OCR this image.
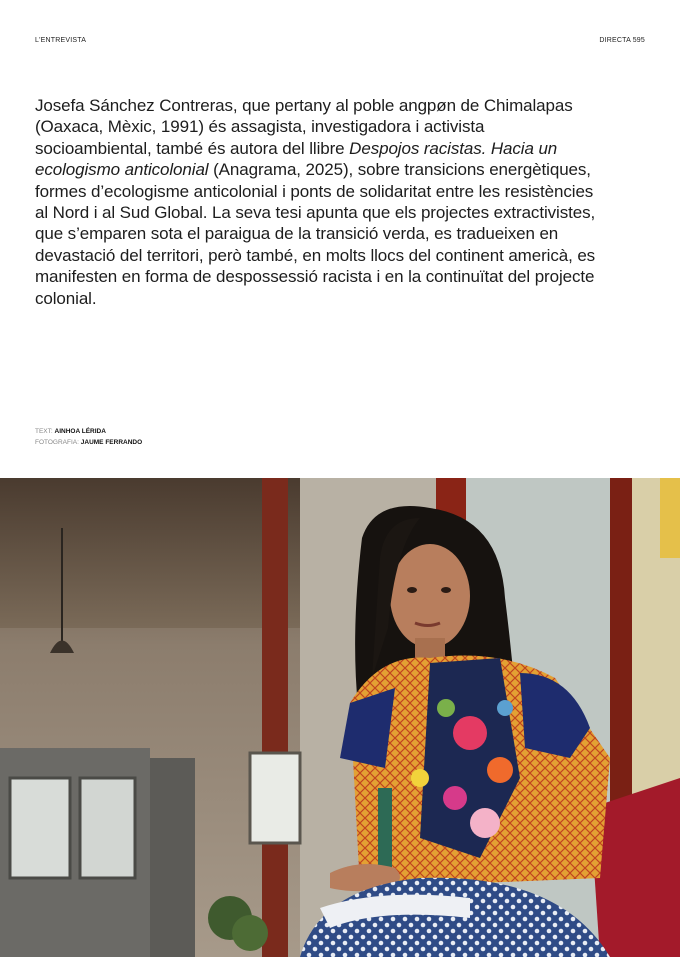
L'ENTREVISTA	DIRECTA 595

Josefa Sánchez Contreras, que pertany al poble angpøn de Chimalapas (Oaxaca, Mèxic, 1991) és assagista, investigadora i activista socioambiental, també és autora del llibre Despojos racistas. Hacia un ecologismo anticolonial (Anagrama, 2025), sobre transicions energètiques, formes d’ecologisme anticolonial i ponts de solidaritat entre les resistències al Nord i al Sud Global. La seva tesi apunta que els projectes extractivistes, que s’emparen sota el paraigua de la transició verda, es tradueixen en devastació del territori, però també, en molts llocs del continent americà, es manifesten en forma de despossessió racista i en la continuïtat del projecte colonial.

TEXT: AINHOA LÉRIDA
FOTOGRAFIA: JAUME FERRANDO
